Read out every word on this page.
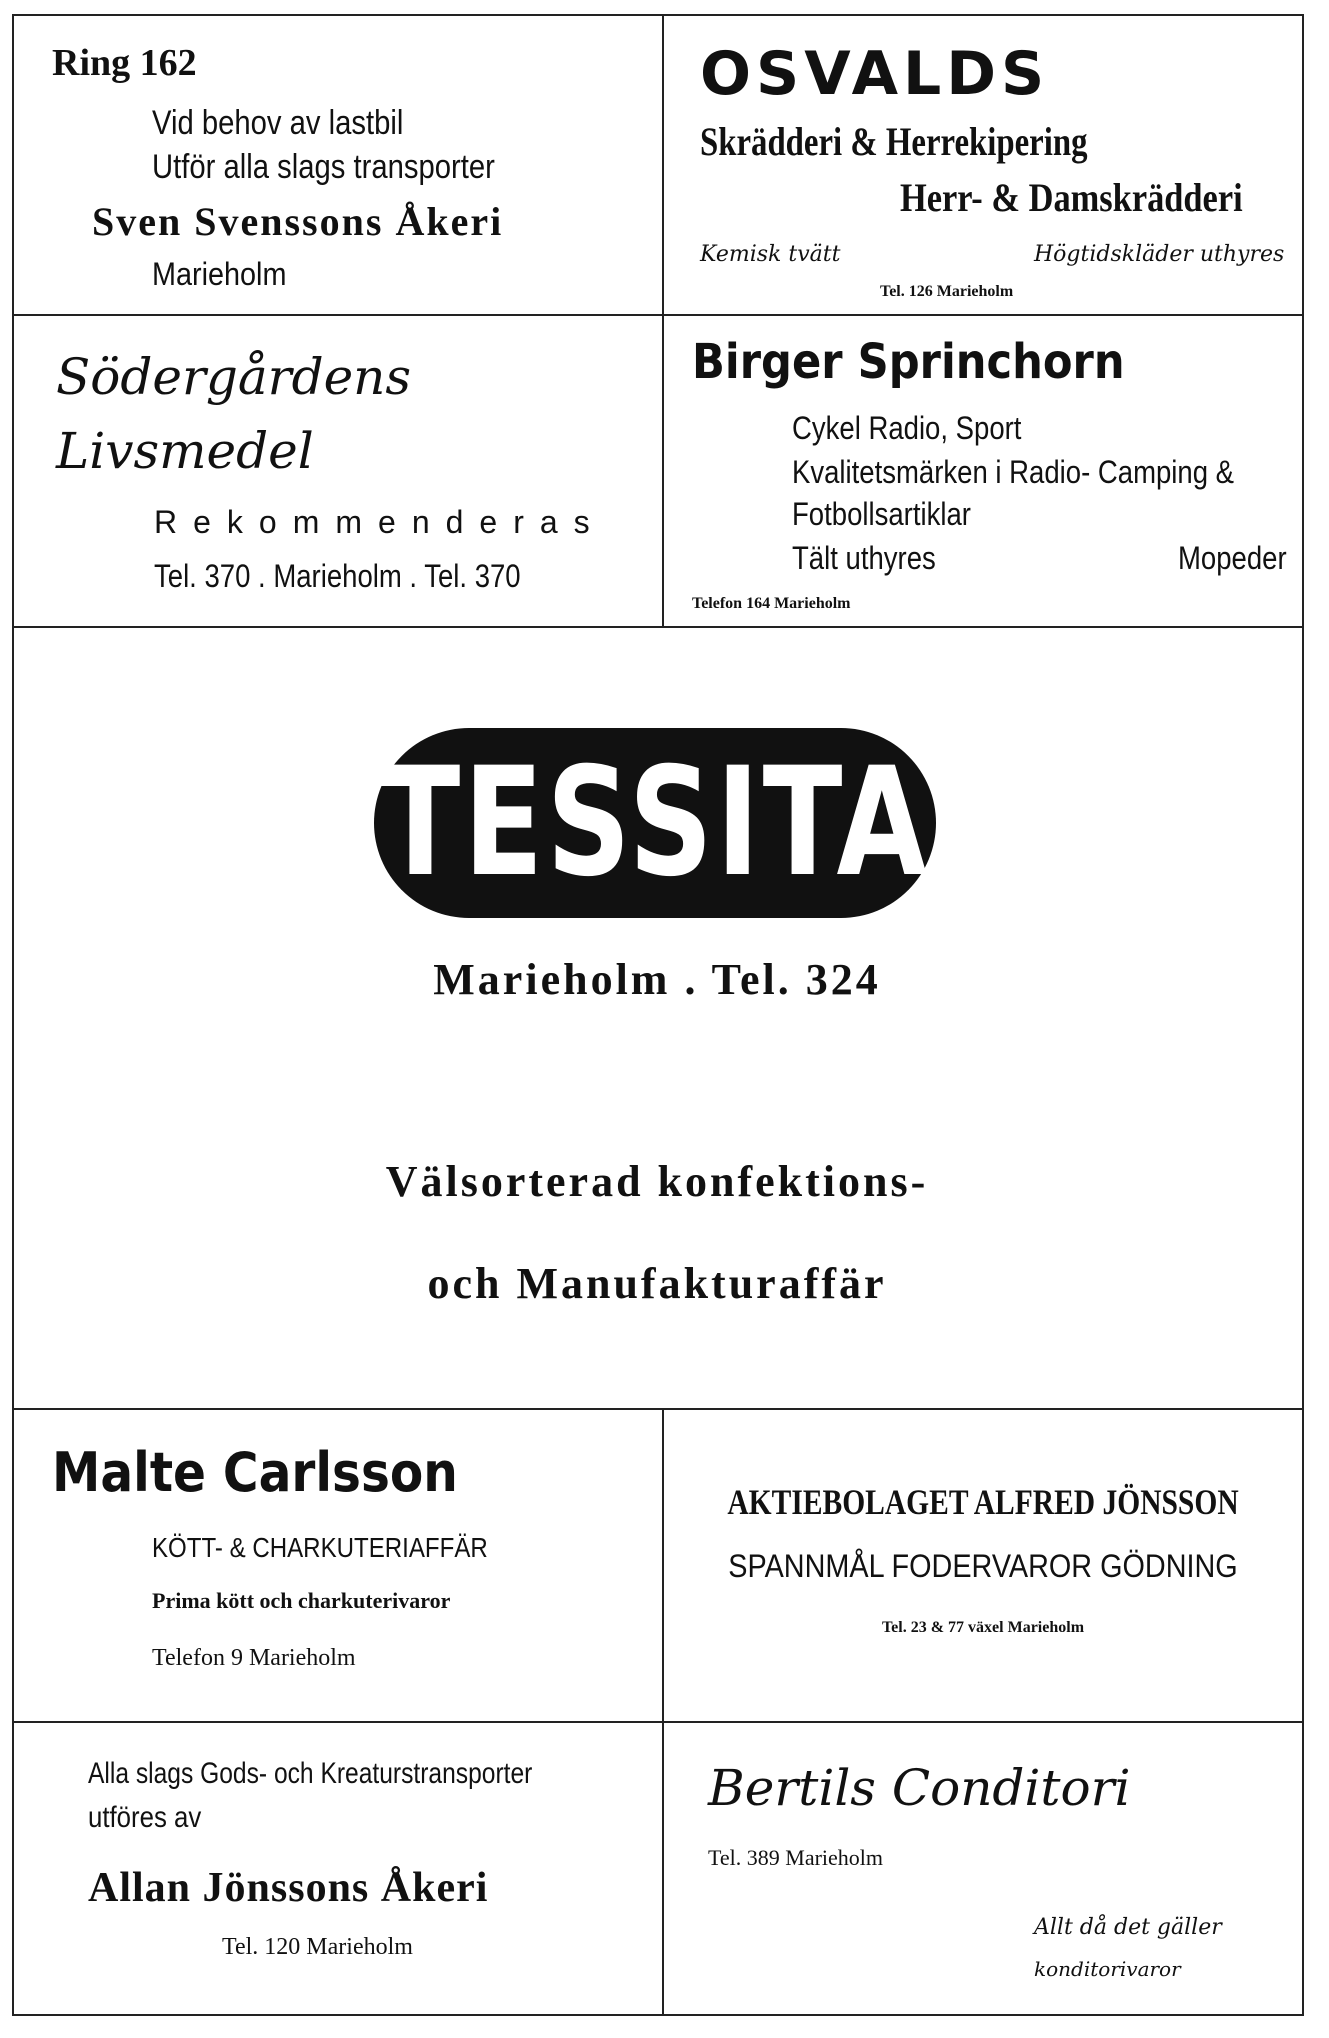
Ring 162
Vid behov av lastbil
Utför alla slags transporter
Sven Svenssons Åkeri
Marieholm
OSVALDS
Skrädderi & Herrekipering
Herr- & Damskrädderi
Kemisk tvätt	Högtidskläder uthyres
Tel. 126 Marieholm
Södergårdens
Livsmedel
Rekommenderas
Tel. 370 . Marieholm . Tel. 370
Birger Sprinchorn
Cykel Radio, Sport
Kvalitetsmärken i Radio- Camping &
Fotbollsartiklar
Tält uthyres	Mopeder
Telefon 164 Marieholm
TESSITA
Marieholm . Tel. 324
Välsorterad konfektions-
och Manufakturaffär
Malte Carlsson
KÖTT- & CHARKUTERIAFFÄR
Prima kött och charkuterivaror
Telefon 9 Marieholm
AKTIEBOLAGET ALFRED JÖNSSON
SPANNMÅL FODERVAROR GÖDNING
Tel. 23 & 77 växel Marieholm
Alla slags Gods- och Kreaturstransporter
utföres av
Allan Jönssons Åkeri
Tel. 120 Marieholm
Bertils Conditori
Tel. 389 Marieholm
Allt då det gäller
konditorivaror
